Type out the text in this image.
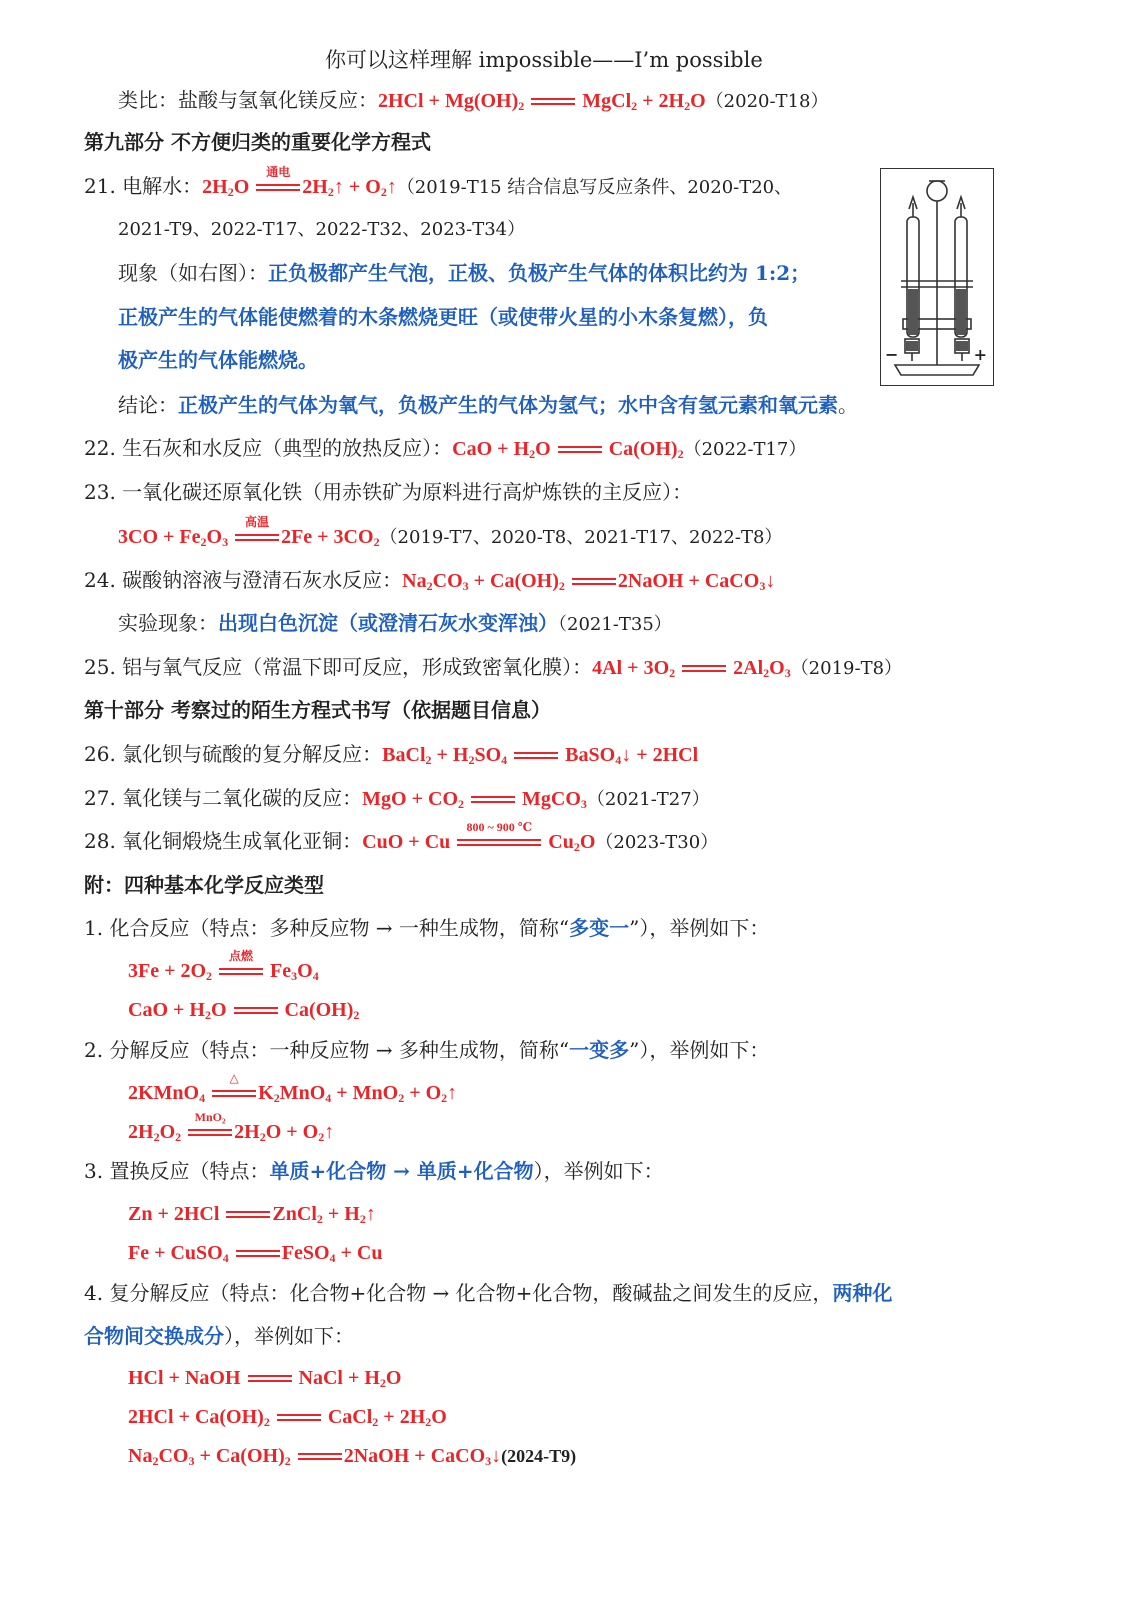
你可以这样理解 impossible——I’m possible
类比：盐酸与氢氧化镁反应：$2HCl + Mg(OH)_2$	MgCl$_2$ + $2H_2O(2020-T18)$
第九部分 不方便归类的重要化学方程式
21. 电解水：$2H_2O$
通电
$2H_2↑$ + $O_2↑(2019-T15$ 结合信息写反应条件、2020-T20、
2021-T9、2022-T17、2022-T32、2023-T34）
现象（如右图）：正负极都产生气泡，正极、负极产生气体的体积比约为 1:2；
正极产生的气体能使燃着的木条燃烧更旺（或使带火星的小木条复燃），负
极产生的气体能燃烧。
结论：正极产生的气体为氧气，负极产生的气体为氢气；水中含有氢元素和氧元素。
−	+
22. 生石灰和水反应（典型的放热反应）：CaO + $H_2O$  $Ca(OH)_2(2022-T17)$
23. 一氧化碳还原氧化铁（用赤铁矿为原料进行高炉炼铁的主反应）：
$3CO + Fe_2O_3$
高温
$2Fe + 3CO_2(2019-T7$、2020-T8、2021-T17、2022-T8）
24. 碳酸钠溶液与澄清石灰水反应：$Na_2CO_3 + Ca(OH)_2$	2NaOH + CaCO$_3$↓
实验现象：出现白色沉淀（或澄清石灰水变浑浊）（2021-T35）
25. 铝与氧气反应（常温下即可反应，形成致密氧化膜）：$4Al + 3O_2$	$2Al_2O_3(2019-T8)$
第十部分 考察过的陌生方程式书写（依据题目信息）
26. 氯化钡与硫酸的复分解反应：BaCl$_2$ + $H_2SO_4$	BaSO$_4$↓ + 2HCl
27. 氧化镁与二氧化碳的反应：MgO + $CO_2$	MgCO$_3$（2021-T27）
28. 氧化铜煅烧生成氧化亚铜：CuO + Cu
800 ~ 900 ℃
$Cu_2O(2023-T30)$
附：四种基本化学反应类型
1. 化合反应（特点：多种反应物 → 一种生成物，简称“多变一”），举例如下：
$3Fe + 2O_2$
点燃
$Fe_3O_4$
CaO + $H_2O$  $Ca(OH)_2$
2. 分解反应（特点：一种反应物 → 多种生成物，简称“一变多”），举例如下：
2KMnO$_4$
△
$K_2MnO_4 + MnO_2$ + $O_2↑$
$2H_2O_2$
MnO₂
$2H_2O$ + $O_2↑$
3. 置换反应（特点：单质+化合物 → 单质+化合物），举例如下：
Zn + 2HCl ZnCl$_2$ + $H_2↑$
Fe + CuSO$_4$	FeSO$_4$ + Cu
4. 复分解反应（特点：化合物+化合物 → 化合物+化合物，酸碱盐之间发生的反应，两种化
合物间交换成分），举例如下：
HCl + NaOH  NaCl + $H_2O$
$2HCl + Ca(OH)_2$	CaCl$_2$ + $2H_2O$
$Na_2CO_3 + Ca(OH)_2$	2NaOH + CaCO$_3$↓(2024-T9)
